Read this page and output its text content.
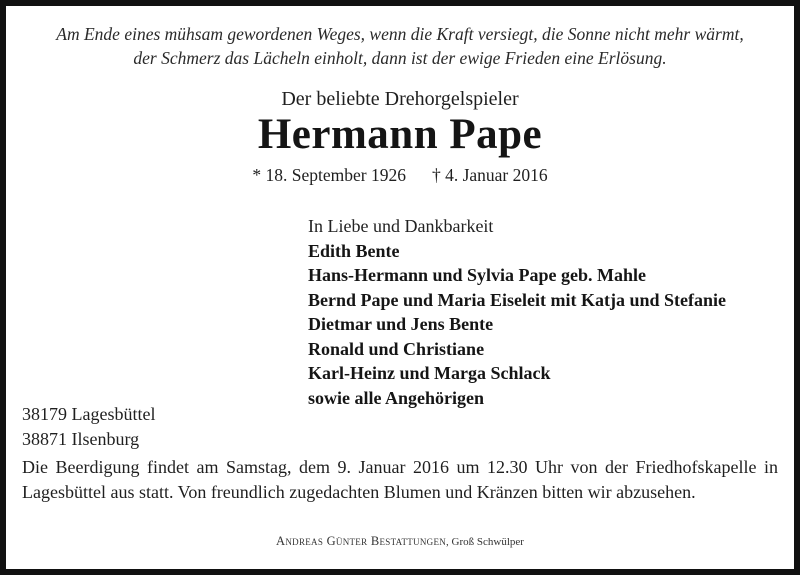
Am Ende eines mühsam gewordenen Weges, wenn die Kraft versiegt, die Sonne nicht mehr wärmt,
der Schmerz das Lächeln einholt, dann ist der ewige Frieden eine Erlösung.
Der beliebte Drehorgelspieler
Hermann Pape
* 18. September 1926 † 4. Januar 2016
In Liebe und Dankbarkeit
Edith Bente
Hans-Hermann und Sylvia Pape geb. Mahle
Bernd Pape und Maria Eiseleit mit Katja und Stefanie
Dietmar und Jens Bente
Ronald und Christiane
Karl-Heinz und Marga Schlack
sowie alle Angehörigen
38179 Lagesbüttel
38871 Ilsenburg
Die Beerdigung findet am Samstag, dem 9. Januar 2016 um 12.30 Uhr von der Friedhofskapelle in Lagesbüttel aus statt. Von freundlich zugedachten Blumen und Kränzen bitten wir abzusehen.
Andreas Günter Bestattungen, Groß Schwülper
